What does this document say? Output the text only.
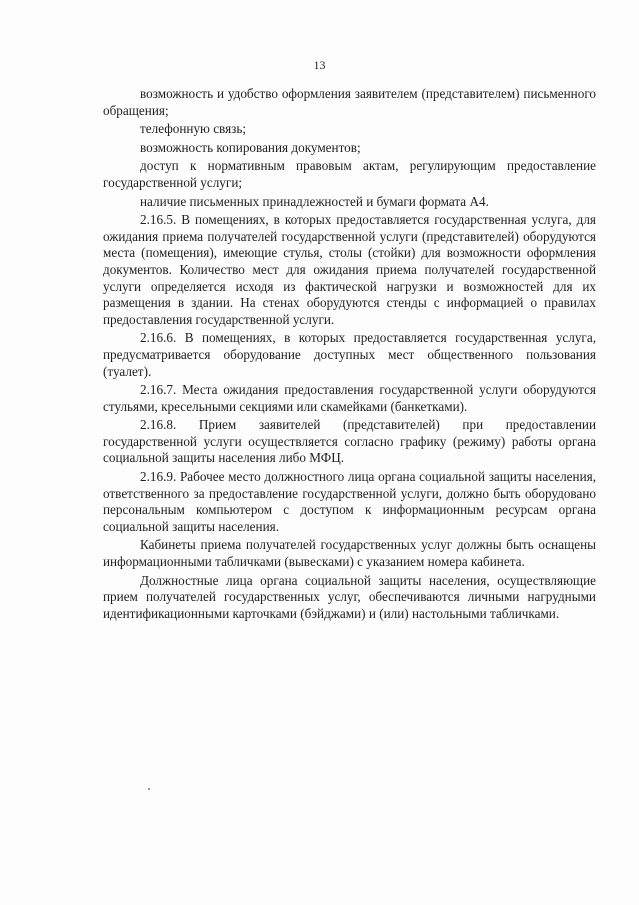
13

возможность и удобство оформления заявителем (представителем) письменного обращения;

телефонную связь;

возможность копирования документов;

доступ к нормативным правовым актам, регулирующим предоставление государственной услуги;

наличие письменных принадлежностей и бумаги формата А4.

2.16.5. В помещениях, в которых предоставляется государственная услуга, для ожидания приема получателей государственной услуги (представителей) оборудуются места (помещения), имеющие стулья, столы (стойки) для возможности оформления документов. Количество мест для ожидания приема получателей государственной услуги определяется исходя из фактической нагрузки и возможностей для их размещения в здании. На стенах оборудуются стенды с информацией о правилах предоставления государственной услуги.

2.16.6. В помещениях, в которых предоставляется государственная услуга, предусматривается оборудование доступных мест общественного пользования (туалет).

2.16.7. Места ожидания предоставления государственной услуги оборудуются стульями, кресельными секциями или скамейками (банкетками).

2.16.8. Прием заявителей (представителей) при предоставлении государственной услуги осуществляется согласно графику (режиму) работы органа социальной защиты населения либо МФЦ.

2.16.9. Рабочее место должностного лица органа социальной защиты населения, ответственного за предоставление государственной услуги, должно быть оборудовано персональным компьютером с доступом к информационным ресурсам органа социальной защиты населения.

Кабинеты приема получателей государственных услуг должны быть оснащены информационными табличками (вывесками) с указанием номера кабинета.

Должностные лица органа социальной защиты населения, осуществляющие прием получателей государственных услуг, обеспечиваются личными нагрудными идентификационными карточками (бэйджами) и (или) настольными табличками.
